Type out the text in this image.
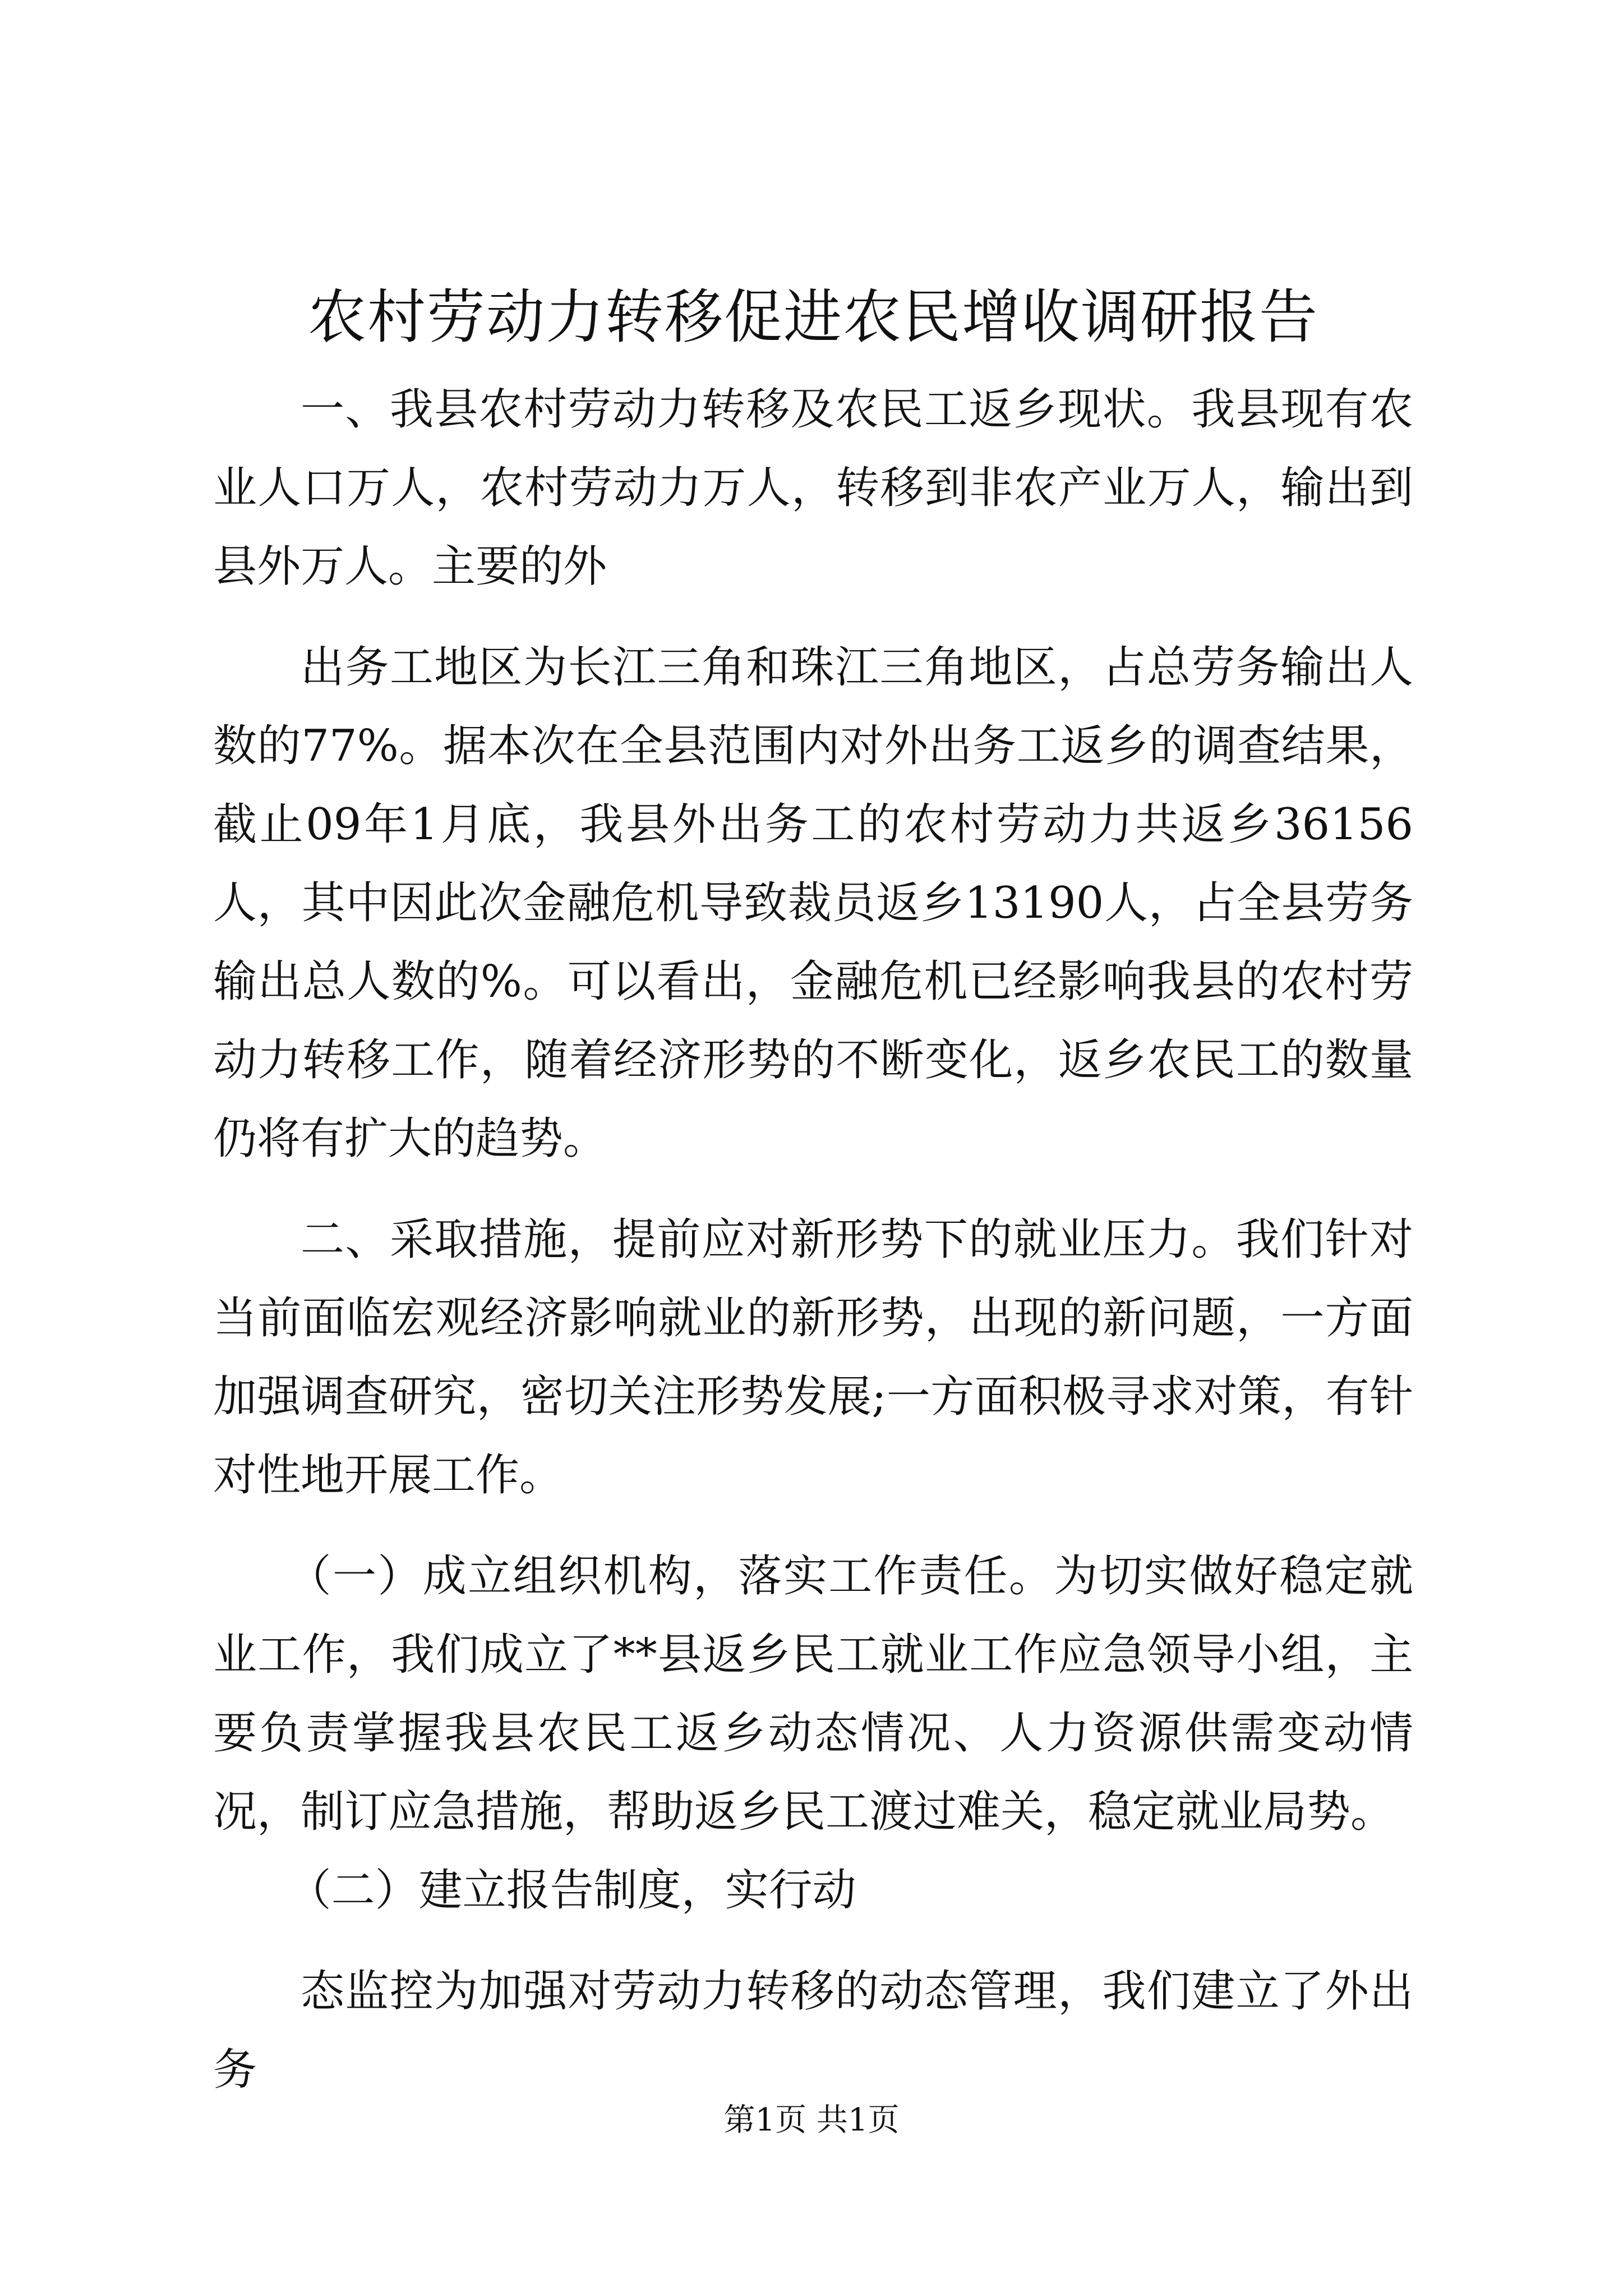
农村劳动力转移促进农民增收调研报告

一、我县农村劳动力转移及农民工返乡现状。我县现有农业人口万人，农村劳动力万人，转移到非农产业万人，输出到县外万人。主要的外

出务工地区为长江三角和珠江三角地区，占总劳务输出人数的77%。据本次在全县范围内对外出务工返乡的调查结果，截止09年1月底，我县外出务工的农村劳动力共返乡36156人，其中因此次金融危机导致裁员返乡13190人，占全县劳务输出总人数的%。可以看出，金融危机已经影响我县的农村劳动力转移工作，随着经济形势的不断变化，返乡农民工的数量仍将有扩大的趋势。

二、采取措施，提前应对新形势下的就业压力。我们针对当前面临宏观经济影响就业的新形势，出现的新问题，一方面加强调查研究，密切关注形势发展;一方面积极寻求对策，有针对性地开展工作。

（一）成立组织机构，落实工作责任。为切实做好稳定就业工作，我们成立了**县返乡民工就业工作应急领导小组，主要负责掌握我县农民工返乡动态情况、人力资源供需变动情况，制订应急措施，帮助返乡民工渡过难关，稳定就业局势。

（二）建立报告制度，实行动

态监控为加强对劳动力转移的动态管理，我们建立了外出务

第1页 共1页
